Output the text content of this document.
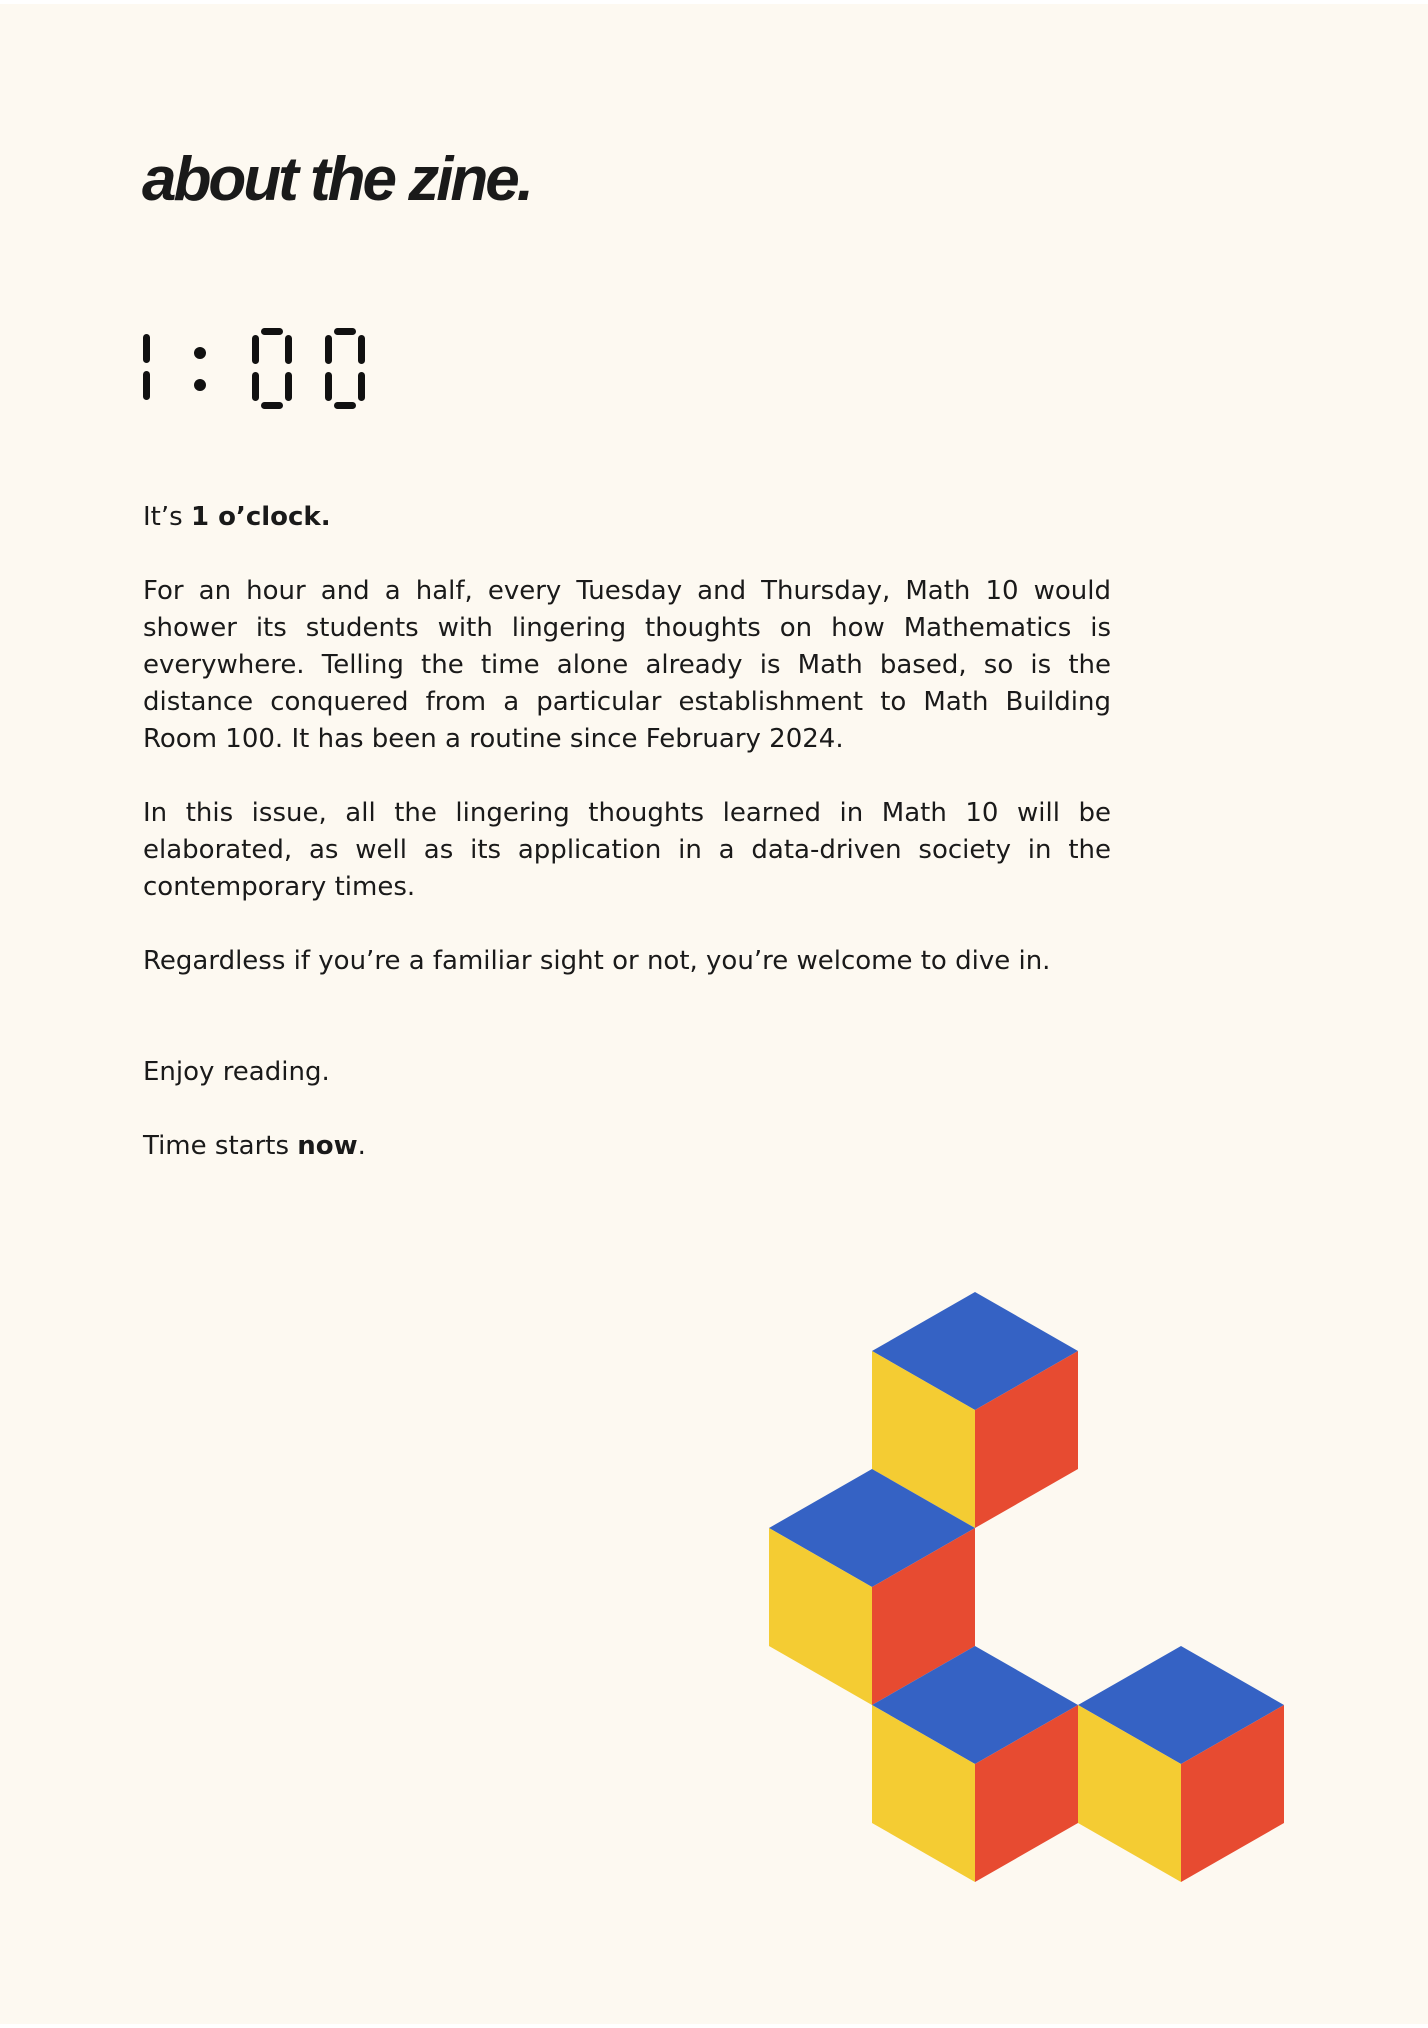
about the zine.

It’s 1 o’clock.

For an hour and a half, every Tuesday and Thursday, Math 10 would shower its students with lingering thoughts on how Mathematics is everywhere. Telling the time alone already is Math based, so is the distance conquered from a particular establishment to Math Building Room 100. It has been a routine since February 2024.

In this issue, all the lingering thoughts learned in Math 10 will be elaborated, as well as its application in a data-driven society in the contemporary times.

Regardless if you’re a familiar sight or not, you’re welcome to dive in.

Enjoy reading.

Time starts now.
